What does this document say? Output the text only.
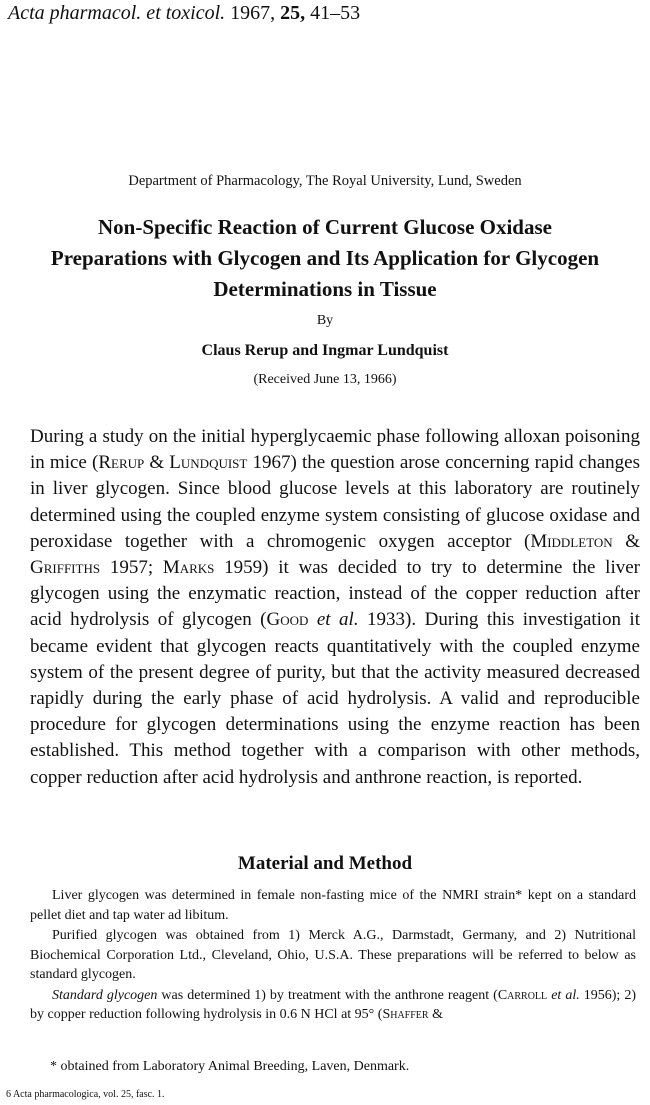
Acta pharmacol. et toxicol. 1967, 25, 41–53
Department of Pharmacology, The Royal University, Lund, Sweden
Non-Specific Reaction of Current Glucose Oxidase
Preparations with Glycogen and Its Application for Glycogen
Determinations in Tissue
By
Claus Rerup and Ingmar Lundquist
(Received June 13, 1966)

During a study on the initial hyperglycaemic phase following alloxan poisoning in mice (Rerup & Lundquist 1967) the question arose concerning rapid changes in liver glycogen. Since blood glucose levels at this laboratory are routinely determined using the coupled enzyme system consisting of glucose oxidase and peroxidase together with a chromogenic oxygen acceptor (Middleton & Griffiths 1957; Marks 1959) it was decided to try to determine the liver glycogen using the enzymatic reaction, instead of the copper reduction after acid hydrolysis of glycogen (Good et al. 1933). During this investigation it became evident that glycogen reacts quantitatively with the coupled enzyme system of the present degree of purity, but that the activity measured decreased rapidly during the early phase of acid hydrolysis. A valid and reproducible procedure for glycogen determinations using the enzyme reaction has been established. This method together with a comparison with other methods, copper reduction after acid hydrolysis and anthrone reaction, is reported.

Material and Method

Liver glycogen was determined in female non-fasting mice of the NMRI strain* kept on a standard pellet diet and tap water ad libitum.

Purified glycogen was obtained from 1) Merck A.G., Darmstadt, Germany, and 2) Nutritional Biochemical Corporation Ltd., Cleveland, Ohio, U.S.A. These preparations will be referred to below as standard glycogen.

Standard glycogen was determined 1) by treatment with the anthrone reagent (Carroll et al. 1956); 2) by copper reduction following hydrolysis in 0.6 N HCl at 95° (Shaffer &

* obtained from Laboratory Animal Breeding, Laven, Denmark.
6 Acta pharmacologica, vol. 25, fasc. 1.
